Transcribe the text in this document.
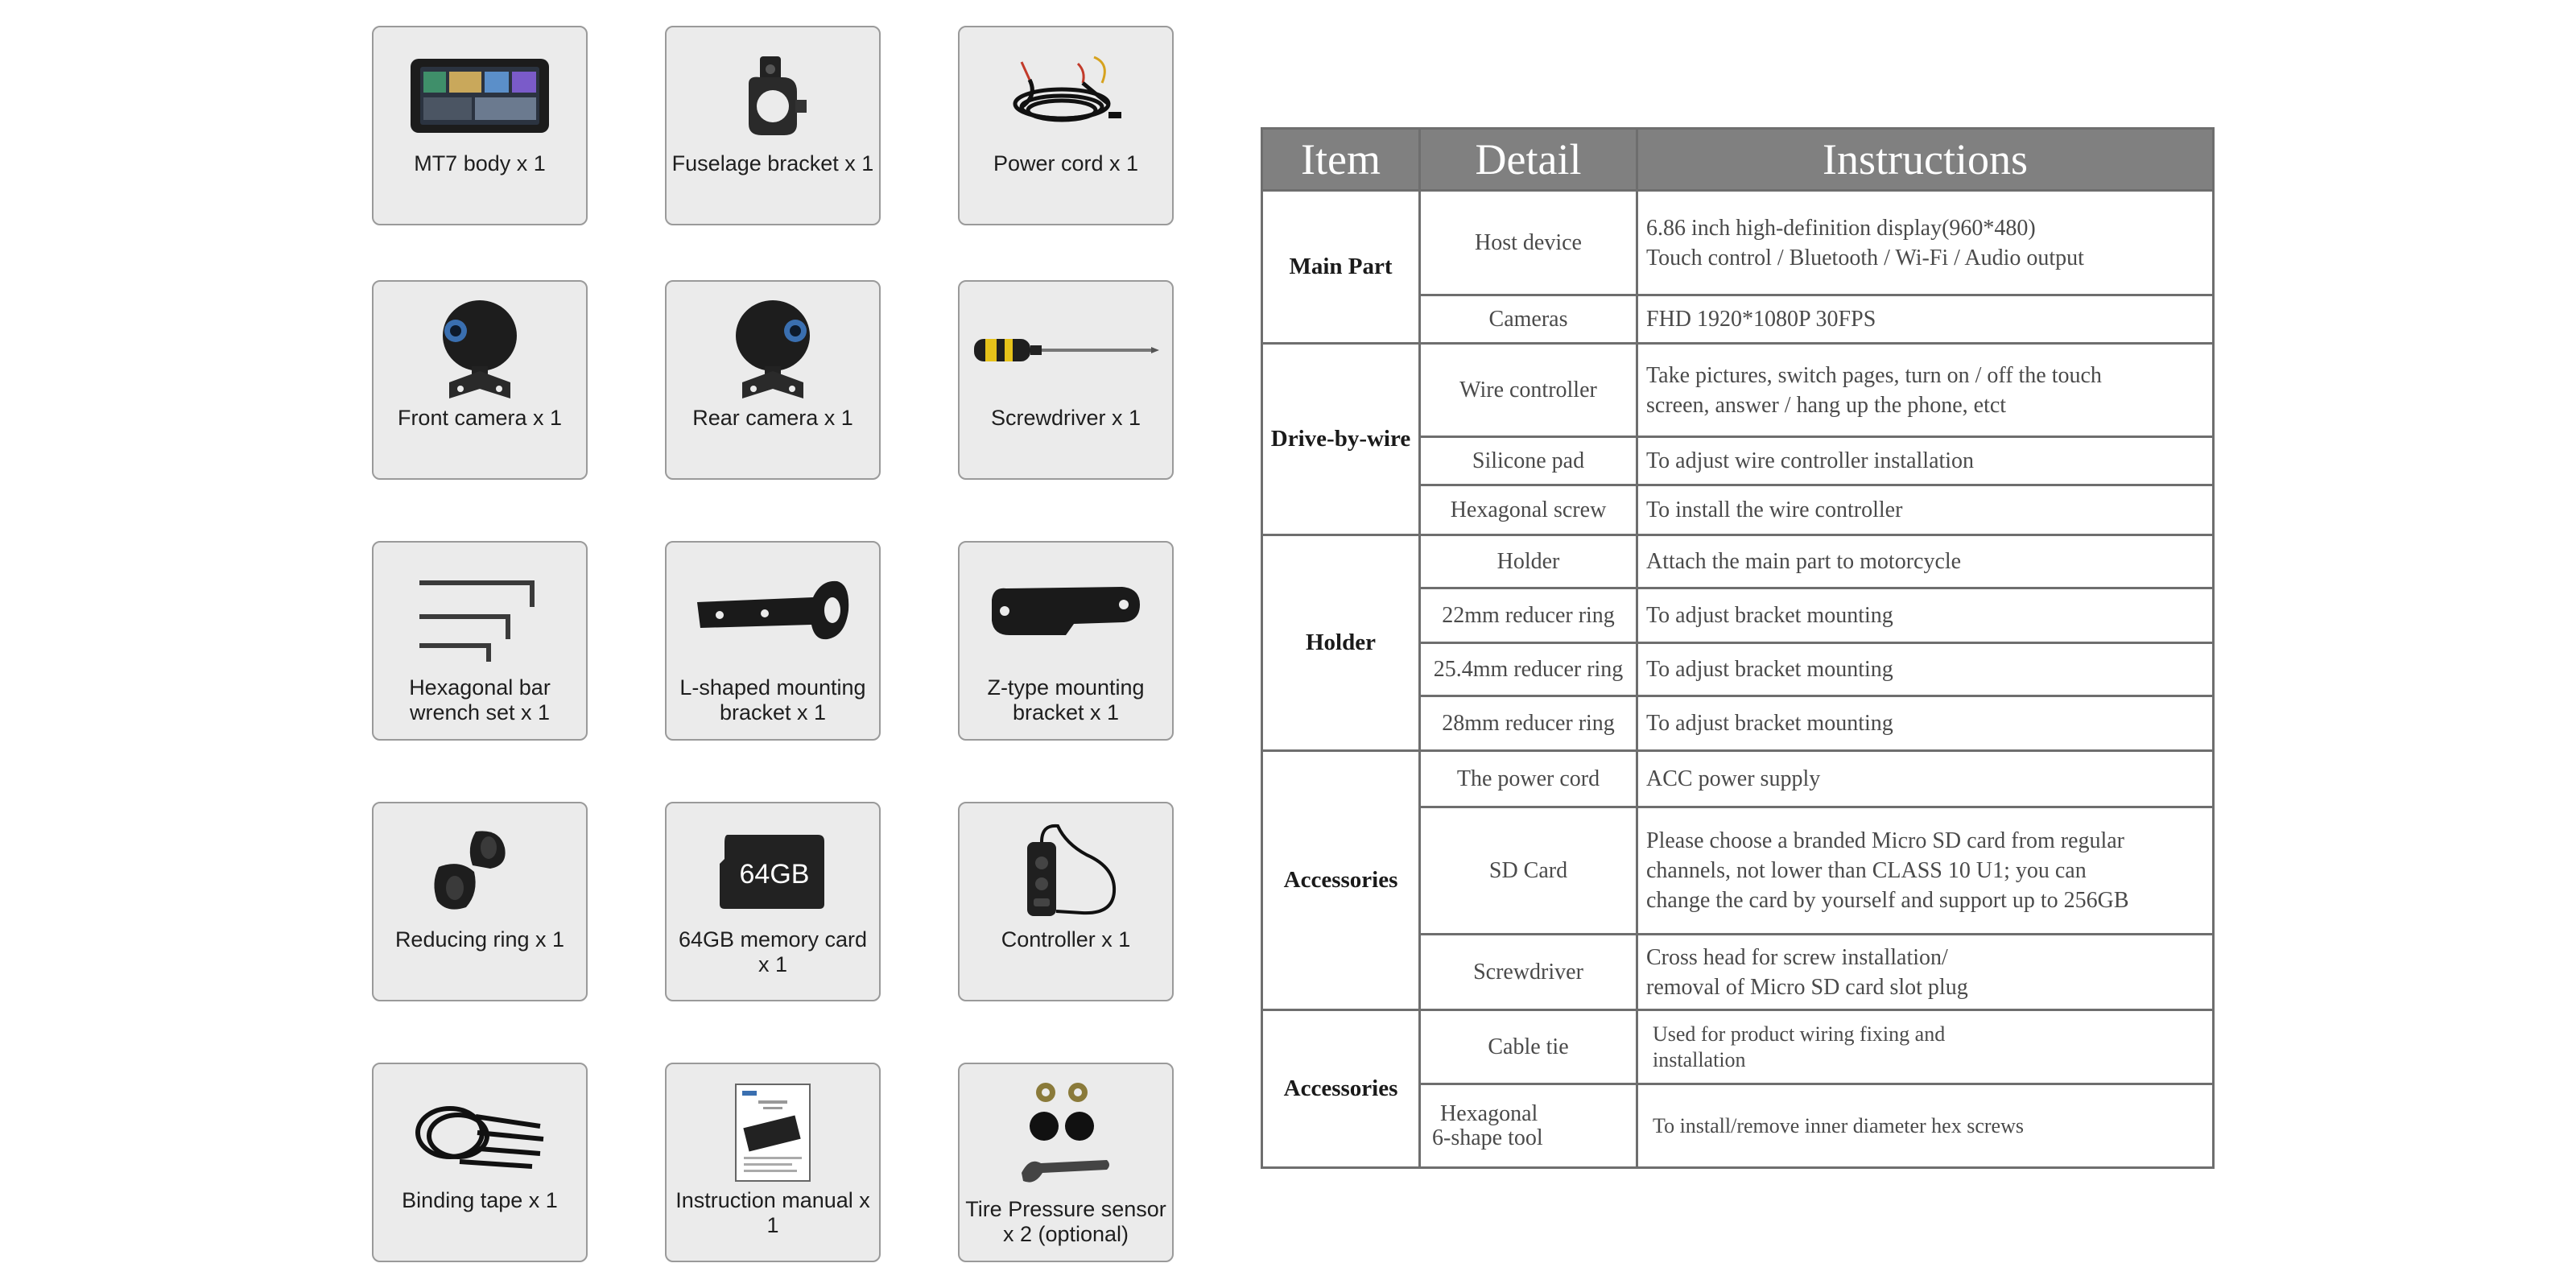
MT7 body x 1	Fuselage bracket x 1	Power cord x 1
Front camera x 1	Rear camera x 1	Screwdriver x 1
Hexagonal bar wrench set x 1
L-shaped mounting bracket x 1
Z-type mounting bracket x 1
Reducing ring x 1
64GB
64GB memory card x 1
Controller x 1
Binding tape x 1	Instruction manual x 1
Tire Pressure sensor x 2 (optional)
Item	Detail	Instructions
Main Part	Host device	6.86 inch high-definition display(960*480)
Touch control / Bluetooth / Wi-Fi / Audio output
	Cameras	FHD 1920*1080P 30FPS
Drive-by-wire	Wire controller	Take pictures, switch pages, turn on / off the touch
screen, answer / hang up the phone, etct
	Silicone pad	To adjust wire controller installation
	Hexagonal screw	To install the wire controller
Holder	Holder	Attach the main part to motorcycle
	22mm reducer ring	To adjust bracket mounting
	25.4mm reducer ring	To adjust bracket mounting
	28mm reducer ring	To adjust bracket mounting
Accessories	The power cord	ACC power supply
	SD Card	Please choose a branded Micro SD card from regular
channels, not lower than CLASS 10 U1; you can
change the card by yourself and support up to 256GB
	Screwdriver	Cross head for screw installation/
removal of Micro SD card slot plug
Accessories	Cable tie	Used for product wiring fixing and
installation
	Hexagonal
6-shape tool	To install/remove inner diameter hex screws
